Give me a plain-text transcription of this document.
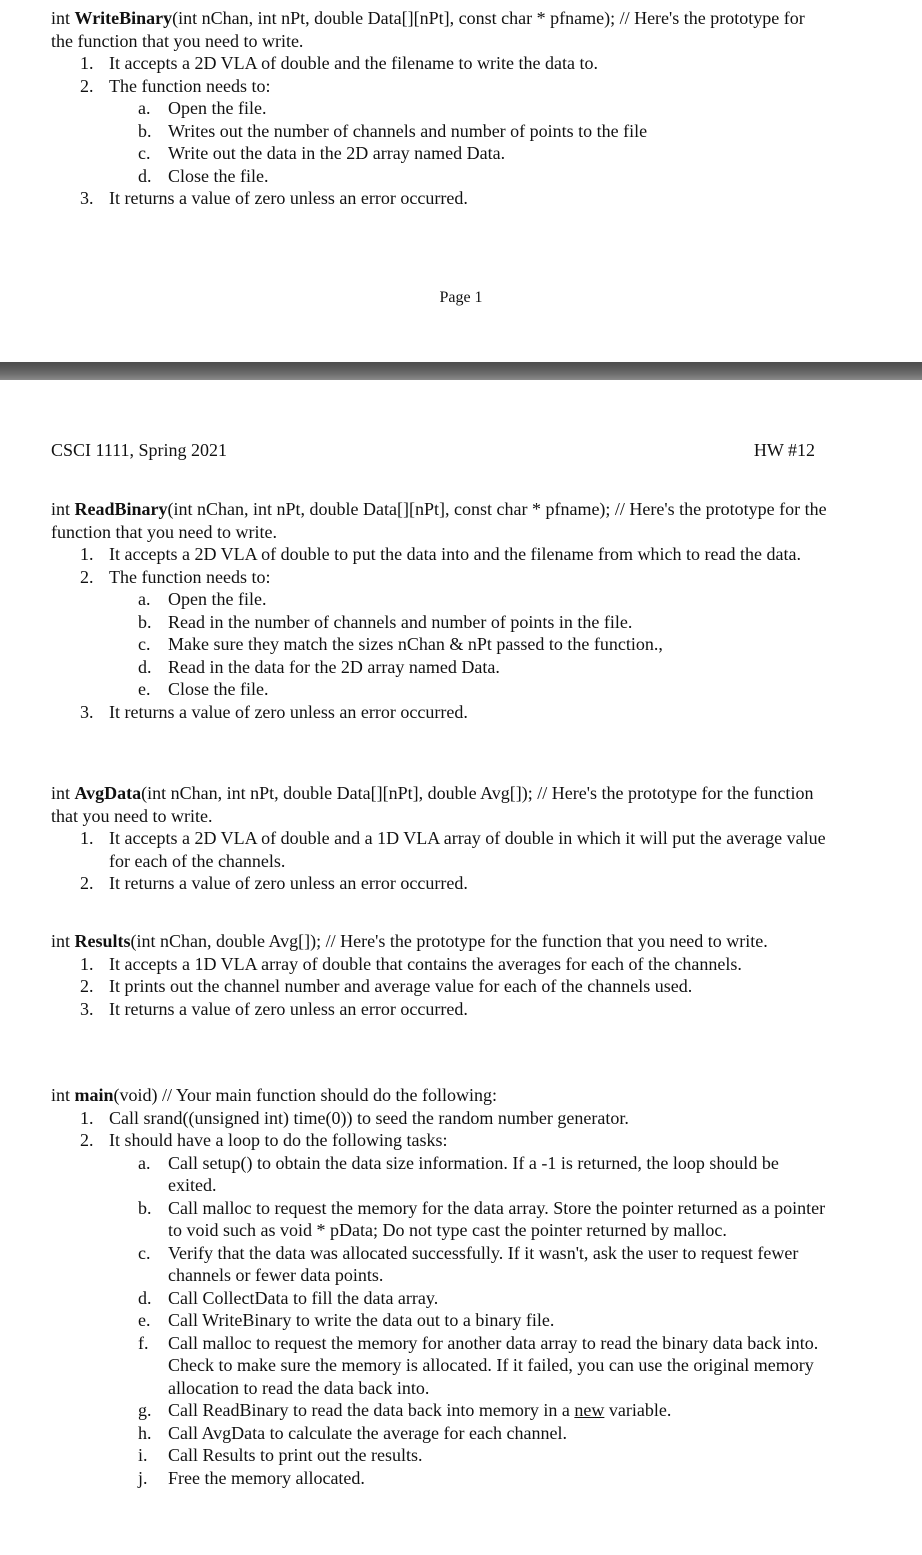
int WriteBinary(int nChan, int nPt, double Data[][nPt], const char * pfname); // Here's the prototype for the function that you need to write.

1. It accepts a 2D VLA of double and the filename to write the data to.
2. The function needs to:
a. Open the file.
b. Writes out the number of channels and number of points to the file
c. Write out the data in the 2D array named Data.
d. Close the file.
3. It returns a value of zero unless an error occurred.
Page 1
CSCI 1111, Spring 2021	HW #12

int ReadBinary(int nChan, int nPt, double Data[][nPt], const char * pfname); // Here's the prototype for the function that you need to write.

1. It accepts a 2D VLA of double to put the data into and the filename from which to read the data.
2. The function needs to:
a. Open the file.
b. Read in the number of channels and number of points in the file.
c. Make sure they match the sizes nChan & nPt passed to the function.,
d. Read in the data for the 2D array named Data.
e. Close the file.
3. It returns a value of zero unless an error occurred.

int AvgData(int nChan, int nPt, double Data[][nPt], double Avg[]); // Here's the prototype for the function that you need to write.

1. It accepts a 2D VLA of double and a 1D VLA array of double in which it will put the average value for each of the channels.
2. It returns a value of zero unless an error occurred.

int Results(int nChan, double Avg[]); // Here's the prototype for the function that you need to write.

1. It accepts a 1D VLA array of double that contains the averages for each of the channels.
2. It prints out the channel number and average value for each of the channels used.
3. It returns a value of zero unless an error occurred.

int main(void) // Your main function should do the following:

1. Call srand((unsigned int) time(0)) to seed the random number generator.
2. It should have a loop to do the following tasks:
a. Call setup() to obtain the data size information. If a -1 is returned, the loop should be exited.
b. Call malloc to request the memory for the data array. Store the pointer returned as a pointer to void such as void * pData; Do not type cast the pointer returned by malloc.
c. Verify that the data was allocated successfully. If it wasn't, ask the user to request fewer channels or fewer data points.
d. Call CollectData to fill the data array.
e. Call WriteBinary to write the data out to a binary file.
f. Call malloc to request the memory for another data array to read the binary data back into. Check to make sure the memory is allocated. If it failed, you can use the original memory allocation to read the data back into.
g. Call ReadBinary to read the data back into memory in a new variable.
h. Call AvgData to calculate the average for each channel.
i. Call Results to print out the results.
j. Free the memory allocated.
